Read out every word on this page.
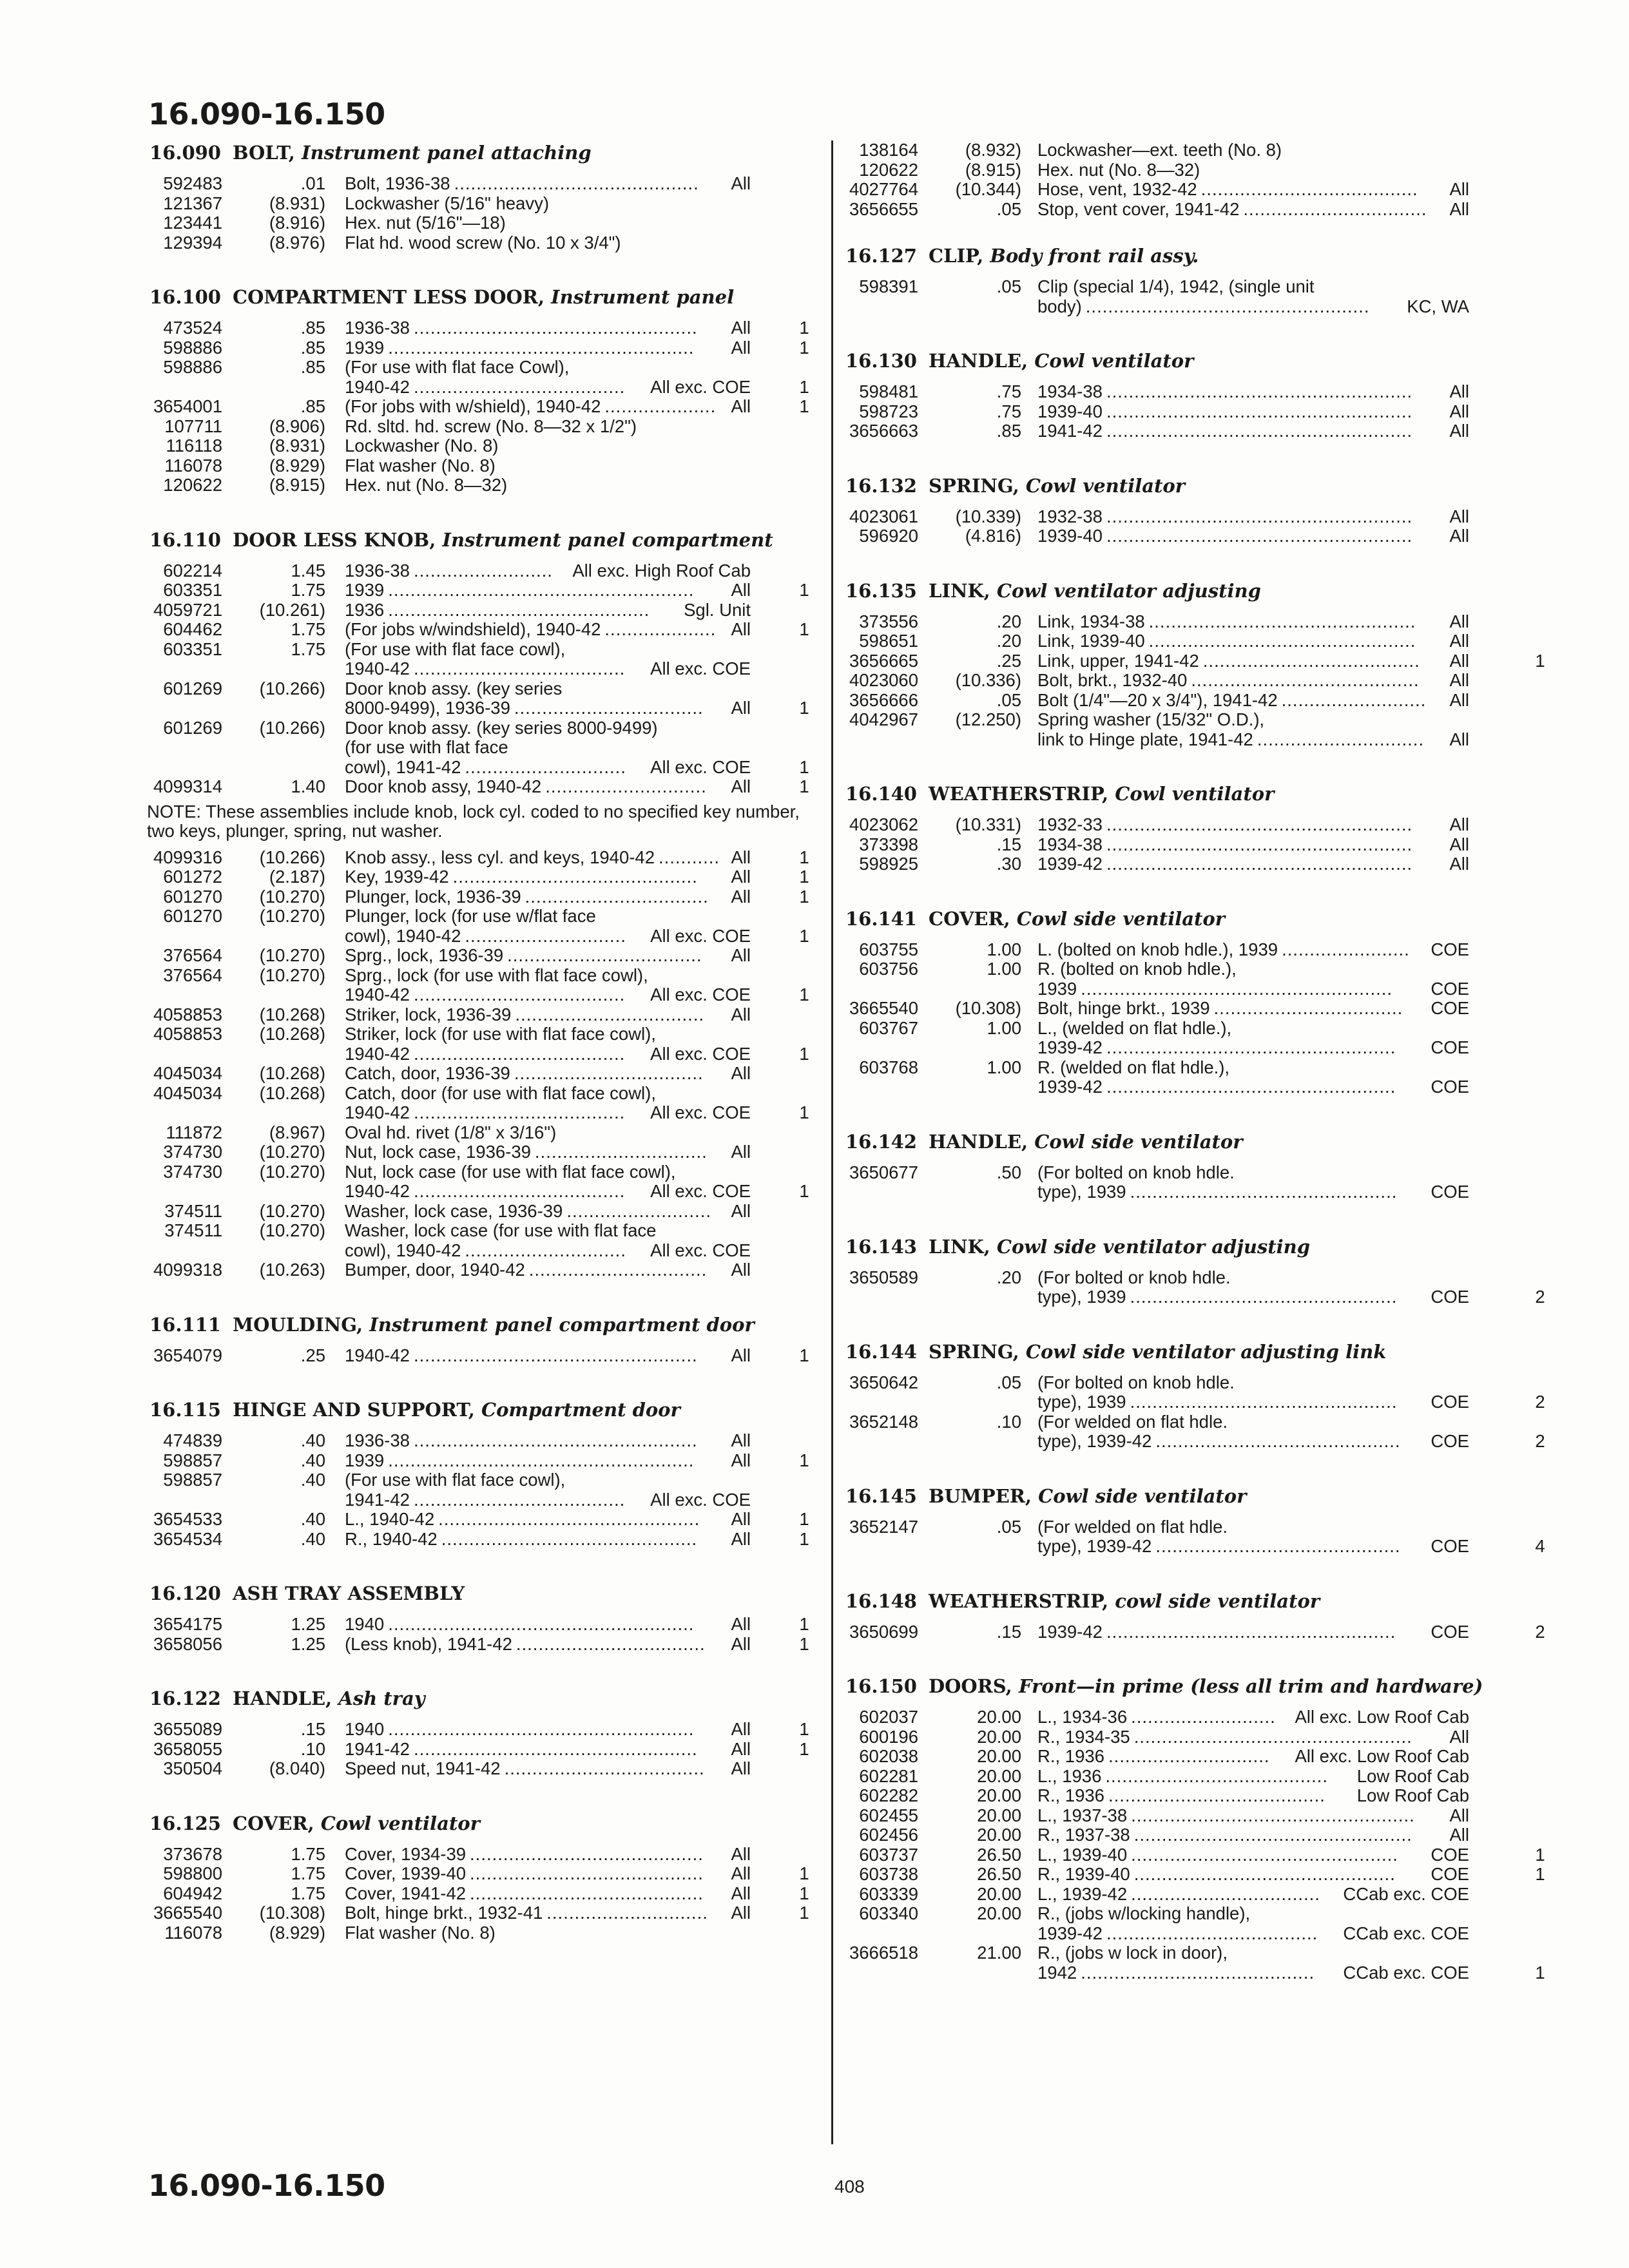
16.090-16.150
16.090 BOLT, Instrument panel attaching
592483	.01 Bolt, 1936-38 ............................................	All
121367	(8.931) Lockwasher (5/16" heavy)
123441	(8.916) Hex. nut (5/16"—18)
129394	(8.976) Flat hd. wood screw (No. 10 x 3/4")
16.100 COMPARTMENT LESS DOOR, Instrument panel
473524	.85 1936-38 ...................................................	All	1
598886	.85 1939 .......................................................	All	1
598886	.85 (For use with flat face Cowl),
1940-42 ......................................	All exc. COE	1
3654001	.85 (For jobs with w/shield), 1940-42 .................... All	1
107711	(8.906) Rd. sltd. hd. screw (No. 8—32 x 1/2")
116118	(8.931) Lockwasher (No. 8)
116078	(8.929) Flat washer (No. 8)
120622	(8.915) Hex. nut (No. 8—32)
16.110 DOOR LESS KNOB, Instrument panel compartment
602214	1.45 1936-38 .........................	All exc. High Roof Cab
603351	1.75 1939 .......................................................	All	1
4059721	(10.261) 1936 ...............................................	Sgl. Unit
604462	1.75 (For jobs w/windshield), 1940-42 .................... All	1
603351	1.75 (For use with flat face cowl),
1940-42 ......................................	All exc. COE
601269	(10.266) Door knob assy. (key series
8000-9499), 1936-39 ..................................	All	1
601269	(10.266) Door knob assy. (key series 8000-9499)
(for use with flat face
cowl), 1941-42 .............................	All exc. COE	1
4099314	1.40 Door knob assy, 1940-42 .............................	All	1
NOTE: These assemblies include knob, lock cyl. coded to no specified key number, two keys, plunger, spring, nut washer.
4099316	(10.266) Knob assy., less cyl. and keys, 1940-42 ........... All	1
601272	(2.187) Key, 1939-42 ............................................	All	1
601270	(10.270) Plunger, lock, 1936-39 .................................	All	1
601270	(10.270) Plunger, lock (for use w/flat face
cowl), 1940-42 .............................	All exc. COE	1
376564	(10.270) Sprg., lock, 1936-39 ...................................	All
376564	(10.270) Sprg., lock (for use with flat face cowl),
1940-42 ......................................	All exc. COE	1
4058853	(10.268) Striker, lock, 1936-39 ..................................	All
4058853	(10.268) Striker, lock (for use with flat face cowl),
1940-42 ......................................	All exc. COE	1
4045034	(10.268) Catch, door, 1936-39 ..................................	All
4045034	(10.268) Catch, door (for use with flat face cowl),
1940-42 ......................................	All exc. COE	1
111872	(8.967) Oval hd. rivet (1/8" x 3/16")
374730	(10.270) Nut, lock case, 1936-39 ...............................	All
374730	(10.270) Nut, lock case (for use with flat face cowl),
1940-42 ......................................	All exc. COE	1
374511	(10.270) Washer, lock case, 1936-39 ..........................	All
374511	(10.270) Washer, lock case (for use with flat face
cowl), 1940-42 .............................	All exc. COE
4099318	(10.263) Bumper, door, 1940-42 ................................	All
16.111 MOULDING, Instrument panel compartment door
3654079	.25 1940-42 ...................................................	All	1
16.115 HINGE AND SUPPORT, Compartment door
474839	.40 1936-38 ...................................................	All
598857	.40 1939 .......................................................	All	1
598857	.40 (For use with flat face cowl),
1941-42 ......................................	All exc. COE
3654533	.40 L., 1940-42 ...............................................	All	1
3654534	.40 R., 1940-42 ..............................................	All	1
16.120 ASH TRAY ASSEMBLY
3654175	1.25 1940 .......................................................	All	1
3658056	1.25 (Less knob), 1941-42 ..................................	All	1
16.122 HANDLE, Ash tray
3655089	.15 1940 .......................................................	All	1
3658055	.10 1941-42 ...................................................	All	1
350504	(8.040) Speed nut, 1941-42 ....................................	All
16.125 COVER, Cowl ventilator
373678	1.75 Cover, 1934-39 ..........................................	All
598800	1.75 Cover, 1939-40 ..........................................	All	1
604942	1.75 Cover, 1941-42 ..........................................	All	1
3665540	(10.308) Bolt, hinge brkt., 1932-41 .............................	All	1
116078	(8.929) Flat washer (No. 8)
138164	(8.932) Lockwasher—ext. teeth (No. 8)
120622	(8.915) Hex. nut (No. 8—32)
4027764	(10.344) Hose, vent, 1932-42 .......................................	All
3656655	.05 Stop, vent cover, 1941-42 .................................	All
16.127 CLIP, Body front rail assy.
598391	.05 Clip (special 1/4), 1942, (single unit
body) ...................................................	KC, WA
16.130 HANDLE, Cowl ventilator
598481	.75 1934-38 .......................................................	All
598723	.75 1939-40 .......................................................	All
3656663	.85 1941-42 .......................................................	All
16.132 SPRING, Cowl ventilator
4023061	(10.339) 1932-38 .......................................................	All
596920	(4.816) 1939-40 .......................................................	All
16.135 LINK, Cowl ventilator adjusting
373556	.20 Link, 1934-38 ................................................	All
598651	.20 Link, 1939-40 ................................................	All
3656665	.25 Link, upper, 1941-42 .......................................	All	1
4023060	(10.336) Bolt, brkt., 1932-40 .........................................	All
3656666	.05 Bolt (1/4"—20 x 3/4"), 1941-42 ..........................	All
4042967	(12.250) Spring washer (15/32" O.D.),
link to Hinge plate, 1941-42 ..............................	All
16.140 WEATHERSTRIP, Cowl ventilator
4023062	(10.331) 1932-33 .......................................................	All
373398	.15 1934-38 .......................................................	All
598925	.30 1939-42 .......................................................	All
16.141 COVER, Cowl side ventilator
603755	1.00 L. (bolted on knob hdle.), 1939 .......................	COE
603756	1.00 R. (bolted on knob hdle.),
1939 ........................................................	COE
3665540	(10.308) Bolt, hinge brkt., 1939 ..................................	COE
603767	1.00 L., (welded on flat hdle.),
1939-42 ....................................................	COE
603768	1.00 R. (welded on flat hdle.),
1939-42 ....................................................	COE
16.142 HANDLE, Cowl side ventilator
3650677	.50 (For bolted on knob hdle.
type), 1939 ................................................	COE
16.143 LINK, Cowl side ventilator adjusting
3650589	.20 (For bolted or knob hdle.
type), 1939 ................................................	COE	2
16.144 SPRING, Cowl side ventilator adjusting link
3650642	.05 (For bolted on knob hdle.
type), 1939 ................................................	COE	2
3652148	.10 (For welded on flat hdle.
type), 1939-42 ............................................	COE	2
16.145 BUMPER, Cowl side ventilator
3652147	.05 (For welded on flat hdle.
type), 1939-42 ............................................	COE	4
16.148 WEATHERSTRIP, cowl side ventilator
3650699	.15 1939-42 ....................................................	COE	2
16.150 DOORS, Front—in prime (less all trim and hardware)
602037	20.00 L., 1934-36 ..........................	All exc. Low Roof Cab
600196	20.00 R., 1934-35 ..................................................	All
602038	20.00 R., 1936 .............................	All exc. Low Roof Cab
602281	20.00 L., 1936 ........................................	Low Roof Cab
602282	20.00 R., 1936 .......................................	Low Roof Cab
602455	20.00 L., 1937-38 ...................................................	All
602456	20.00 R., 1937-38 ..................................................	All
603737	26.50 L., 1939-40 ................................................	COE	1
603738	26.50 R., 1939-40 ...............................................	COE	1
603339	20.00 L., 1939-42 ..................................	CCab exc. COE
603340	20.00 R., (jobs w/locking handle),
1939-42 ......................................	CCab exc. COE
3666518	21.00 R., (jobs w lock in door),
1942 ..........................................	CCab exc. COE	1
16.090-16.150	408
